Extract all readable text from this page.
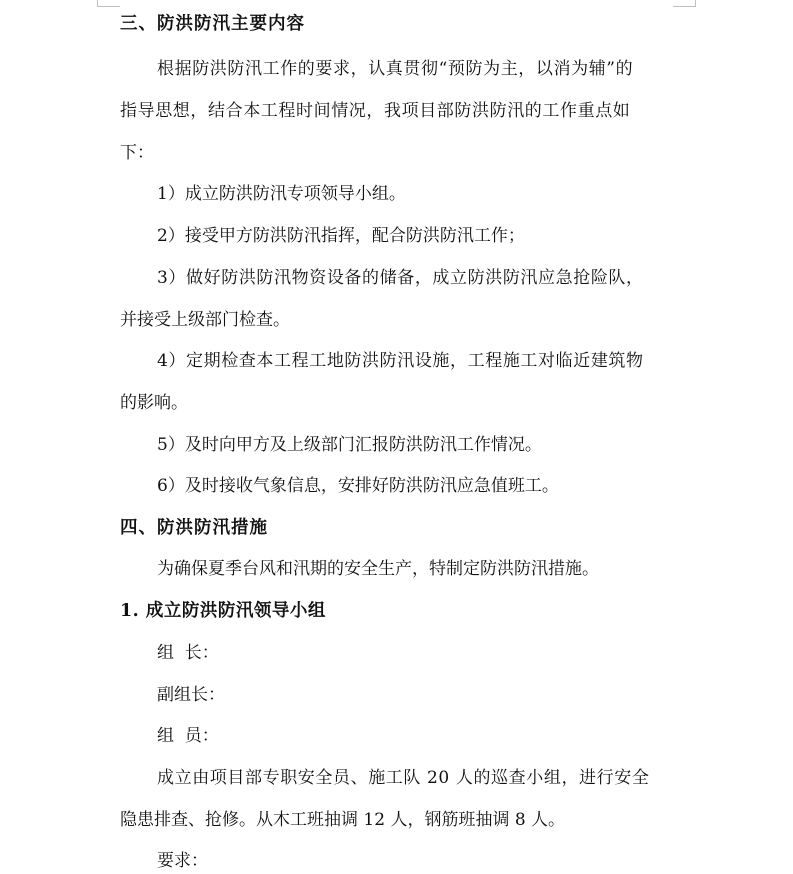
三、防洪防汛主要内容
根据防洪防汛工作的要求，认真贯彻“预防为主，以消为辅”的
指导思想，结合本工程时间情况，我项目部防洪防汛的工作重点如
下：
1）成立防洪防汛专项领导小组。
2）接受甲方防洪防汛指挥，配合防洪防汛工作；
3）做好防洪防汛物资设备的储备，成立防洪防汛应急抢险队，
并接受上级部门检查。
4）定期检查本工程工地防洪防汛设施，工程施工对临近建筑物
的影响。
5）及时向甲方及上级部门汇报防洪防汛工作情况。
6）及时接收气象信息，安排好防洪防汛应急值班工。
四、防洪防汛措施
为确保夏季台风和汛期的安全生产，特制定防洪防汛措施。
1. 成立防洪防汛领导小组
组  长：
副组长：
组  员：
成立由项目部专职安全员、施工队 20 人的巡查小组，进行安全
隐患排查、抢修。从木工班抽调 12 人，钢筋班抽调 8 人。
要求：
